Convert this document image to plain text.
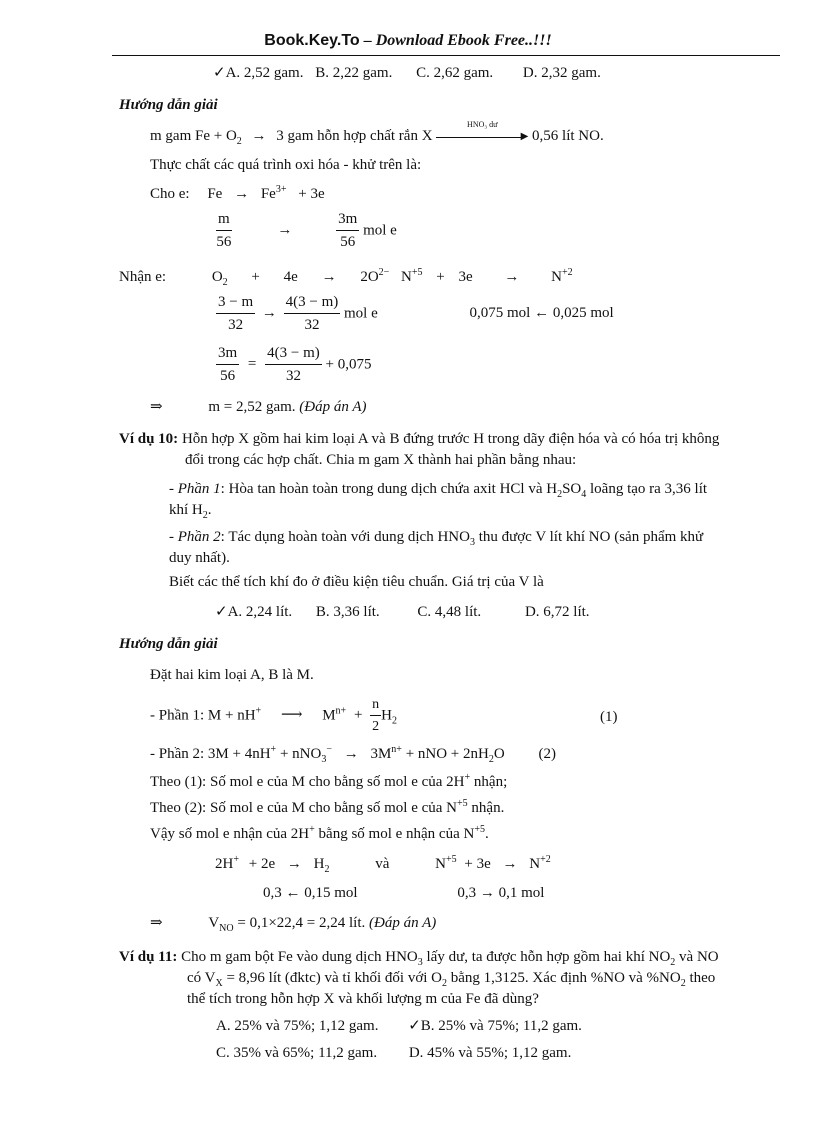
Book.Key.To – Download Ebook Free..!!!
✓A. 2,52 gam. B. 2,22 gam. C. 2,62 gam. D. 2,32 gam.
Hướng dẫn giải
m gam $Fe + O_2 \to 3$ gam hỗn hợp chất rắn X
HNO₃ dư
▶ 0,56 lít NO.
Thực chất các quá trình oxi hóa - khử trên là:
Cho e: $Fe \to Fe^{3+} + 3e$
$\frac{m}{56}$	→	$\frac{3m}{56}$ mol e
Nhận e:	$O_2 + 4e \to 2O^{2-}$ $N^{+5} + 3e \to N^{+2}$
$\frac{3 - m}{32} \to \frac{4(3 - m)}{32}$ mol e	0,075 mol ← 0,025 mol
$\frac{3m}{56} = \frac{4(3 - m)}{32} + 0,075$
⇒	m = 2,52 gam. (Đáp án A)
Ví dụ 10: Hỗn hợp X gồm hai kim loại A và B đứng trước H trong dãy điện hóa và có hóa trị không
đổi trong các hợp chất. Chia m gam X thành hai phần bằng nhau:
- Phần 1: Hòa tan hoàn toàn trong dung dịch chứa axit HCl và $H_2SO_4$ loãng tạo ra 3,36 lít
khí $H_2$.
- Phần 2: Tác dụng hoàn toàn với dung dịch $HNO_3$ thu được V lít khí NO (sản phẩm khử
duy nhất).
Biết các thể tích khí đo ở điều kiện tiêu chuẩn. Giá trị của V là
✓A. 2,24 lít. B. 3,36 lít.	C. 4,48 lít.	D. 6,72 lít.
Hướng dẫn giải
Đặt hai kim loại A, B là M.
- Phần 1: M + nH+ ⟶ $M^{n+} + \frac{n}{2} H_2$	(1)
- Phần 2: $3M + 4nH^+ + nNO_3^- \to 3M^{n+}$ + nNO + $2nH_2O$ (2)
Theo (1): Số mol e của M cho bằng số mol e của 2H+ nhận;
Theo (2): Số mol e của M cho bằng số mol e của $N^{+5}$ nhận.
Vậy số mol e nhận của 2H+ bằng số mol e nhận của $N^{+5}$.
$2H^+ + 2e \to H_2$	và	$N^{+5} + 3e \to N^{+2}$
0,3 ← 0,15 mol	0,3 → 0,1 mol
⇒	$V_{NO} = 0,1\times 22,4 = 2,24$ lít. (Đáp án A)
Ví dụ 11: Cho m gam bột Fe vào dung dịch $HNO_3$ lấy dư, ta được hỗn hợp gồm hai khí $NO_2$ và NO
có $V_X = 8,96$ lít (đktc) và tỉ khối đối với $O_2$ bằng 1,3125. Xác định %NO và $\%NO_2$ theo
thể tích trong hỗn hợp X và khối lượng m của Fe đã dùng?
A. 25% và 75%; 1,12 gam. ✓B. 25% và 75%; 11,2 gam.
C. 35% và 65%; 11,2 gam. D. 45% và 55%; 1,12 gam.
